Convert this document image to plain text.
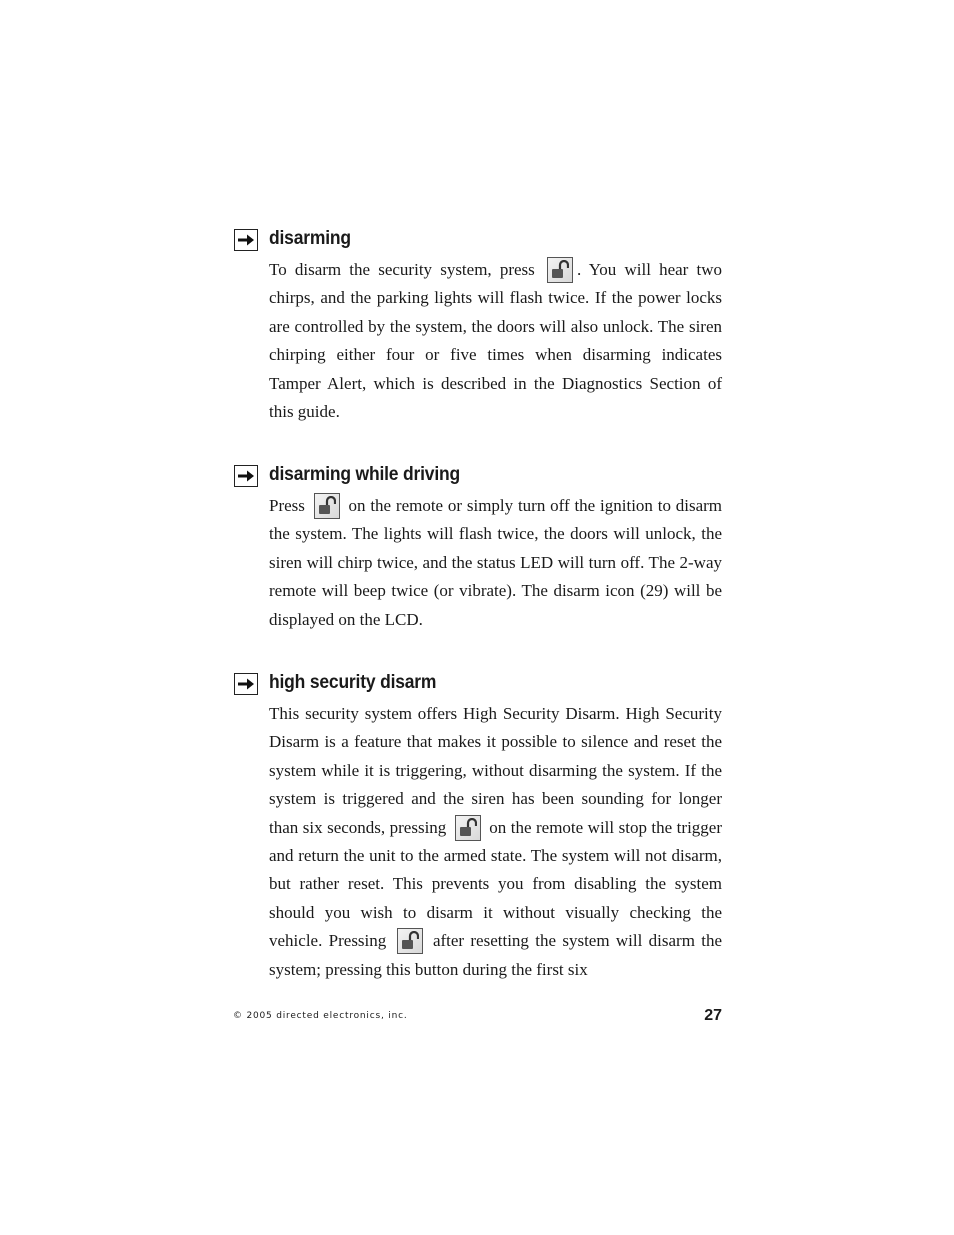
disarming
To disarm the security system, press . You will hear two chirps, and the parking lights will flash twice. If the power locks are controlled by the system, the doors will also unlock. The siren chirping either four or five times when disarming indicates Tamper Alert, which is described in the Diagnostics Section of this guide.
disarming while driving
Press	on the remote or simply turn off the ignition to disarm the system. The lights will flash twice, the doors will unlock, the siren will chirp twice, and the status LED will turn off. The 2-way remote will beep twice (or vibrate). The disarm icon (29) will be displayed on the LCD.
high security disarm
This security system offers High Security Disarm. High Security Disarm is a feature that makes it possible to silence and reset the system while it is triggering, without disarming the system. If the system is triggered and the siren has been sounding for longer than six seconds, pressing	on the remote will stop the trigger and return the unit to the armed state. The system will not disarm, but rather reset. This prevents you from disabling the system should you wish to disarm it without visually checking the vehicle. Pressing	after resetting the system will disarm the system; pressing this button during the first six
© 2005 directed electronics, inc.	27
